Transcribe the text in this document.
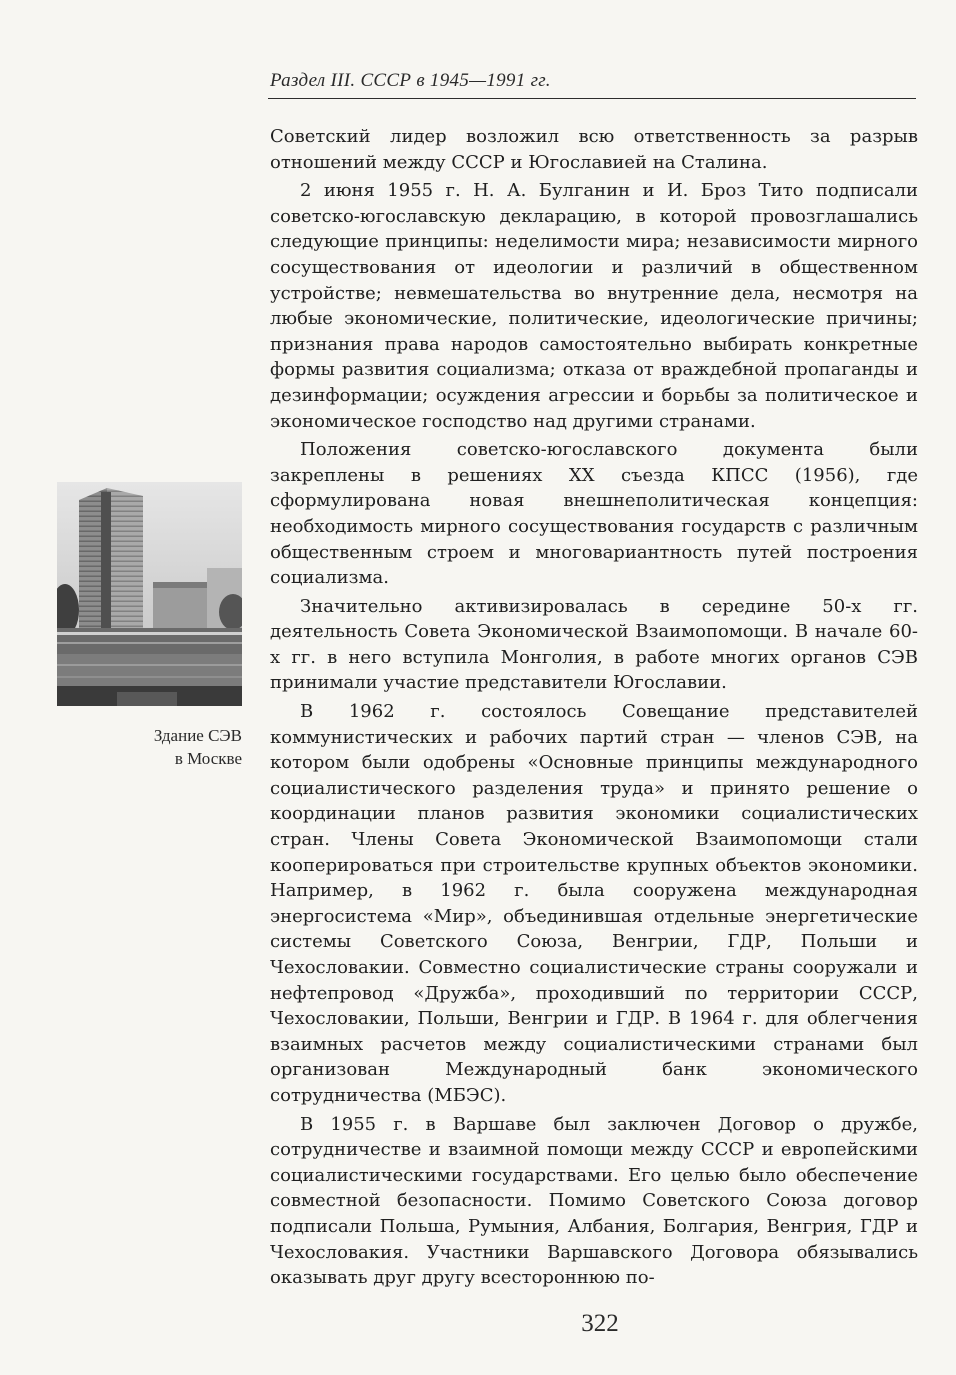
Раздел III. СССР в 1945—1991 гг.

Советский лидер возложил всю ответственность за разрыв отношений между СССР и Югославией на Сталина.

2 июня 1955 г. Н. А. Булганин и И. Броз Тито подписали советско-югославскую декларацию, в которой провозглашались следующие принципы: неделимости мира; независимости мирного сосуществования от идеологии и различий в общественном устройстве; невмешательства во внутренние дела, несмотря на любые экономические, политические, идеологические причины; признания права народов самостоятельно выбирать конкретные формы развития социализма; отказа от враждебной пропаганды и дезинформации; осуждения агрессии и борьбы за политическое и экономическое господство над другими странами.

Положения советско-югославского документа были закреплены в решениях XX съезда КПСС (1956), где сформулирована новая внешнеполитическая концепция: необходимость мирного сосуществования государств с различным общественным строем и многовариантность путей построения социализма.

Значительно активизировалась в середине 50-х гг. деятельность Совета Экономической Взаимопомощи. В начале 60-х гг. в него вступила Монголия, в работе многих органов СЭВ принимали участие представители Югославии.

В 1962 г. состоялось Совещание представителей коммунистических и рабочих партий стран — членов СЭВ, на котором были одобрены «Основные принципы международного социалистического разделения труда» и принято решение о координации планов развития экономики социалистических стран. Члены Совета Экономической Взаимопомощи стали кооперироваться при строительстве крупных объектов экономики. Например, в 1962 г. была сооружена международная энергосистема «Мир», объединившая отдельные энергетические системы Советского Союза, Венгрии, ГДР, Польши и Чехословакии. Совместно социалистические страны сооружали и нефтепровод «Дружба», проходивший по территории СССР, Чехословакии, Польши, Венгрии и ГДР. В 1964 г. для облегчения взаимных расчетов между социалистическими странами был организован Международный банк экономического сотрудничества (МБЭС).

В 1955 г. в Варшаве был заключен Договор о дружбе, сотрудничестве и взаимной помощи между СССР и европейскими социалистическими государствами. Его целью было обеспечение совместной безопасности. Помимо Советского Союза договор подписали Польша, Румыния, Албания, Болгария, Венгрия, ГДР и Чехословакия. Участники Варшавского Договора обязывались оказывать друг другу всестороннюю по-

Здание СЭВ
в Москве
322
